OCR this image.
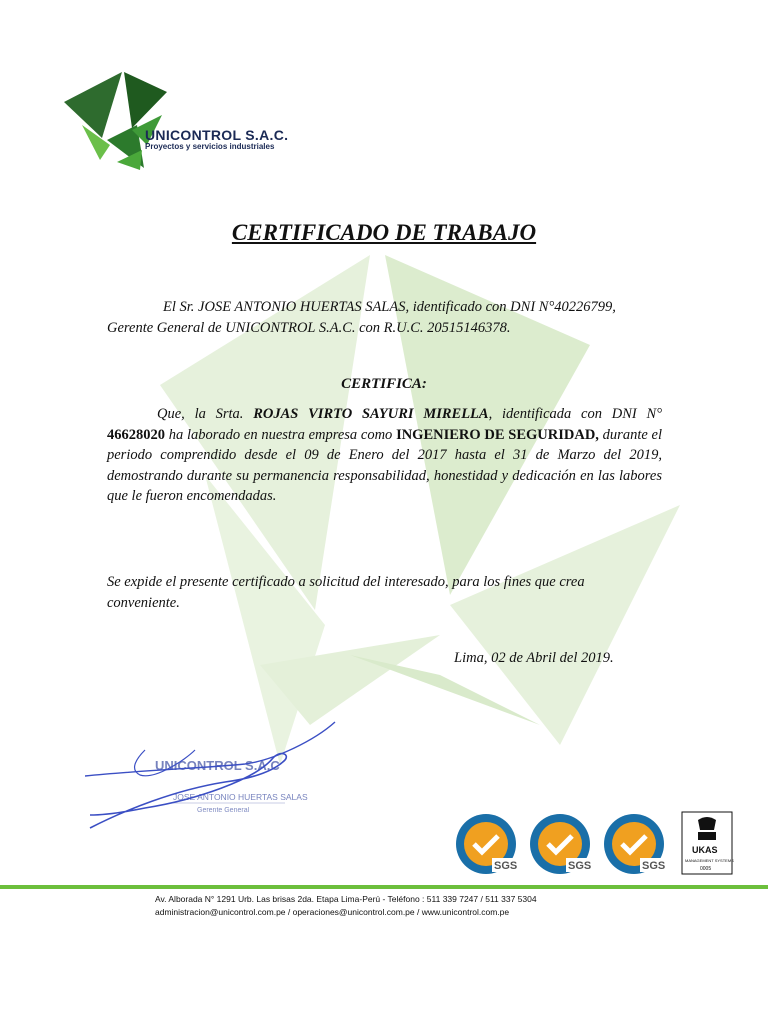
UNICONTROL S.A.C.
Proyectos y servicios industriales
CERTIFICADO DE TRABAJO
El Sr. JOSE ANTONIO HUERTAS SALAS, identificado con DNI N°40226799,
Gerente General de UNICONTROL S.A.C. con R.U.C. 20515146378.
CERTIFICA:
Que, la Srta. ROJAS VIRTO SAYURI MIRELLA, identificada con DNI N° 46628020 ha laborado en nuestra empresa como INGENIERO DE SEGURIDAD, durante el periodo comprendido desde el 09 de Enero del 2017 hasta el 31 de Marzo del 2019, demostrando durante su permanencia responsabilidad, honestidad y dedicación en las labores que le fueron encomendadas.
Se expide el presente certificado a solicitud del interesado, para los fines que crea conveniente.
Lima, 02 de Abril del 2019.
UNICONTROL S.A.C
JOSE ANTONIO HUERTAS SALAS
Gerente General
SGS	SGS	SGS
UKAS
MANAGEMENT SYSTEMS
0005
Av. Alborada N° 1291 Urb. Las brisas 2da. Etapa Lima-Perú - Teléfono : 511 339 7247 / 511 337 5304
administracion@unicontrol.com.pe / operaciones@unicontrol.com.pe / www.unicontrol.com.pe
